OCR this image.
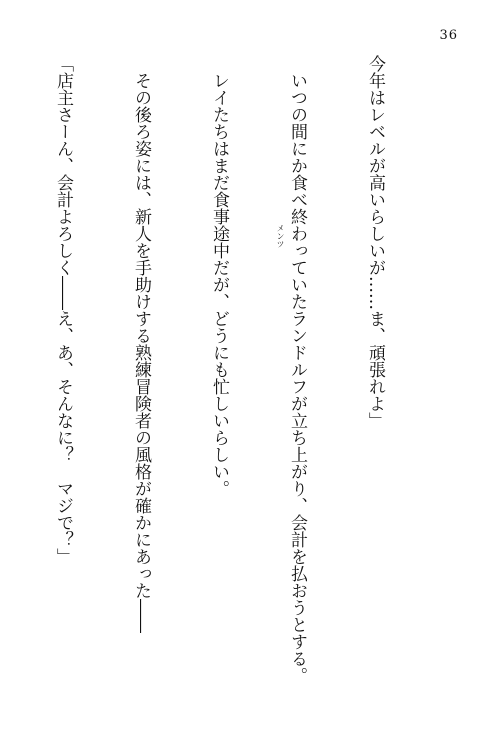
36

今年はレベルが高いらしいが……ま、頑張れよ」

　いつの間にか食べ終わっていたランドルフが立ち上がり、会計を払おうとする。

　レイたちはまだ食事途中だが、どうにも忙しいらしい。

　その後ろ姿には、新人を手助けする熟練冒険者の風格が確かにあった――

「店主さーん、会計よろしく――え、あ、そんなに？　マジで？」

	メンツ
